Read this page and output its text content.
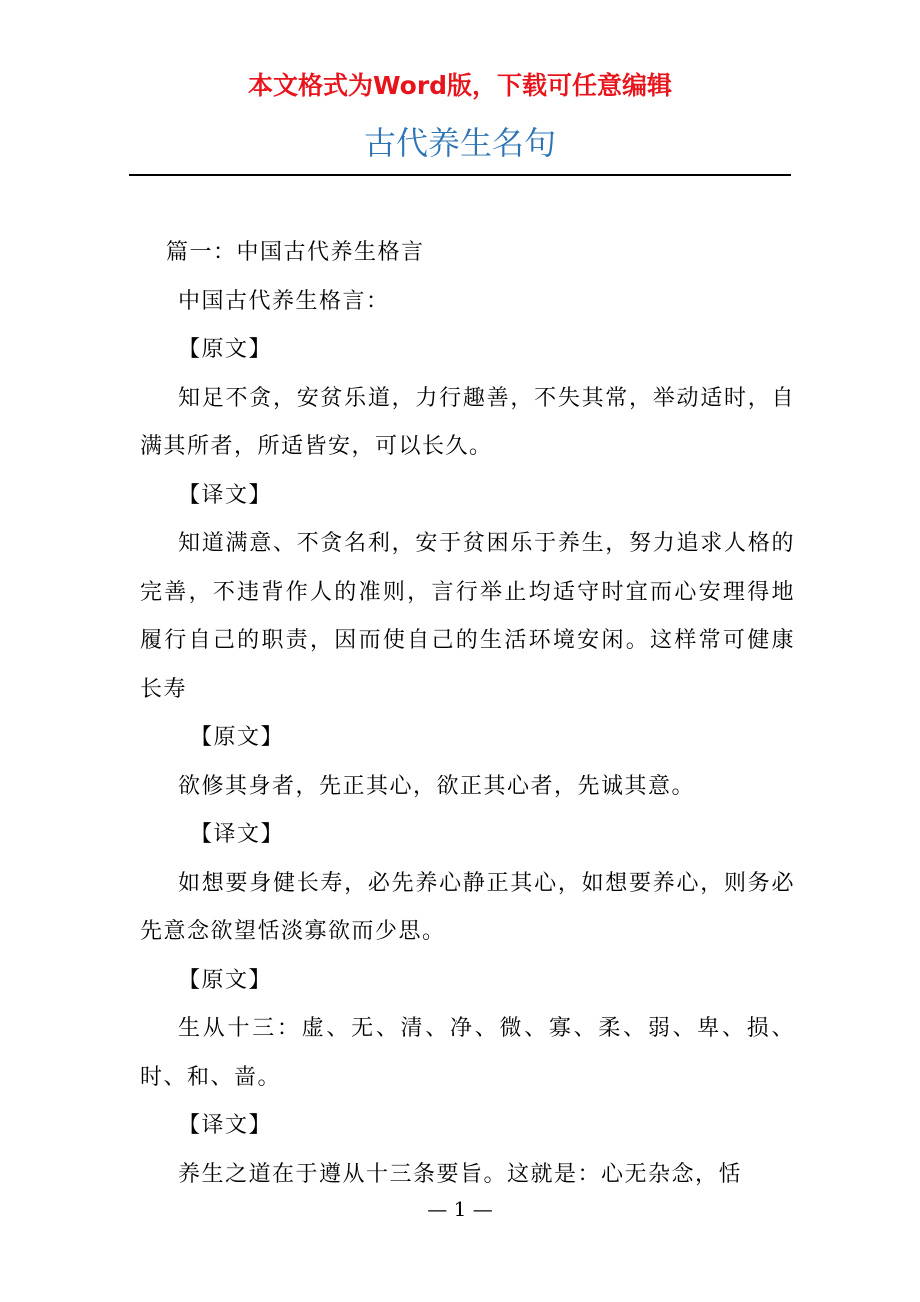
本文格式为Word版，下载可任意编辑
古代养生名句

篇一：中国古代养生格言

中国古代养生格言：

【原文】

知足不贪，安贫乐道，力行趣善，不失其常，举动适时，自满其所者，所适皆安，可以长久。

【译文】

知道满意、不贪名利，安于贫困乐于养生，努力追求人格的完善，不违背作人的准则，言行举止均适守时宜而心安理得地履行自己的职责，因而使自己的生活环境安闲。这样常可健康长寿

【原文】

欲修其身者，先正其心，欲正其心者，先诚其意。

【译文】

如想要身健长寿，必先养心静正其心，如想要养心，则务必先意念欲望恬淡寡欲而少思。

【原文】

生从十三：虚、无、清、净、微、寡、柔、弱、卑、损、时、和、啬。

【译文】

养生之道在于遵从十三条要旨。这就是：心无杂念，恬

— 1 —
